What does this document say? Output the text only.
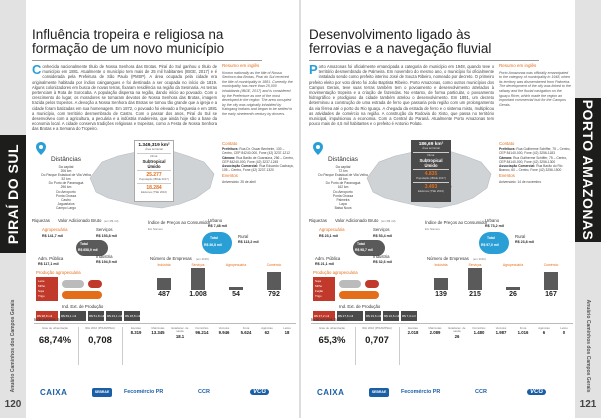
PIRAÍ DO SUL
Anuário Caminhos dos Campos Gerais
120
Influência tropeira e religiosa na
formação de um novo município
Conhecida nacionalmente título de Nossa Senhora das Brotas. Piraí do Sul ganhou o título de município em 1881. Atualmente o município tem mais de 25 mil habitantes (IBGE, 2017) e é considerada pela Prefeitura de São Paulo (PMSP). A área ocupada pela cidade era originalmente habitada por índios caingangues e foi destinada a ser ocupada no início de 1819. Alguns colonizadores em busca de novas terras, fixaram residência na região da Sesmaria. As terras pertenciam à Rota de Sorocaba. A população dispersa na região, dando início ao povoado. Com o crescimento do lugar, os moradores se tornaram devotos de Nossa Senhora das Brotas, imagem trazida pelos tropeiros. A devoção a Nossa Senhora das Brotas se tornou tão grande que a igreja e a cidade foram batizadas em sua homenagem. Em 1872, o povoado foi elevado a freguesia e em 1881 a município, com território desmembrado de Castro. Com o passar dos anos, Piraí do Sul se desenvolveu com a agricultura, a pecuária e a indústria madeireira, que ainda hoje são a base da economia local. A cidade conserva tradições religiosas e tropeiras, como a Festa de Nossa Senhora das Brotas e a Semana do Tropeiro.
Resumo em inglês

Known nationally as the title of Nossa Senhora das Brotas, Piraí do Sul received the title of municipality in 1881. Currently the municipality has more than 25,000 inhabitants (IBGE, 2017) and is considered by the Prefecture as one of the most developed in the region. The area occupied by the city was originally inhabited by Kaingang Indians and began to be settled in the early nineteenth century by drovers.

Distâncias
Da capital
206 km
Do Parque Estadual de Vila Velha
52 km
Do Porto de Paranaguá
296 km
Do Aeroporto
Ponta Grossa
Castro
Jaguariaíva
Campo Largo
1.349,319 km²
Área territorial
Clima:
Subtropical Úmido
25.277
População (IBGE 2017)
18.284
Eleitores (TSE 2016)
Contato

Prefeitura: Rua Dr. Oscar Benheim, 130 – Centro, CEP 84240-000, Fone (42) 3237-1212

Câmara: Rua Barão de Guaraúna, 256 – Centro, CEP 84240-000, Fone (42) 3237-1245

Associação Comercial: Rua Eduardo Cachaça, 105 – Centro, Fone (42) 3237-1320

Eventos

Aniversário: 25 de abril

Riquezas Valor Adicionado Bruto (em R$ mil)
Agropecuária
R$ 141,7 mil
Serviços
R$ 153,8 mil
Total
R$ 658,9 mil
Indústria
R$ 194,5 mil
Adm. Pública
R$ 117,1 mil
Produção agropecuária
Leite
Milho
Soja
Trigo
Ind. Ext. de Produção
R$ 98,8 mil	R$ 69,1 mil	R$ 51,8 mil R$ 23,1 mil R$ 18,8 mil
Índice de Preços ao Consumidor
Em Número
Urbano
R$ 7,48 mil
Total
R$ 36,8 mil
Rural
R$ 113,2 mil
Número de Empresas (em 2016)
Indústria
487
Serviços
1.008
Agropecuária
54
Comércio
792
Indicadores Sociais
Grau de urbanização
68,74%
IDH 2010 (PNUD/IPEA)
0,708
Escolas
8.319
Matrículas
13.345
Estabelec. de saúde
18.1
Domicílios
96.214
Veículos
9.946
Frota
5.624
Agências
62
Leitos
18
CAIXA	SEBRAE	Fecomércio PR	CCR	VCG
PORTO AMAZONAS
Anuário Caminhos dos Campos Gerais
121
Desenvolvimento ligado às
ferrovias e a navegação fluvial
Porto Amazonas foi oficialmente emancipada a categoria de município em 1948, quando teve o território desmembrado de Palmeira. Em novembro do mesmo ano, o município foi oficialmente instalado sendo como prefeito interino José de Souza Ribeiro, nomeado por decreto. O primeiro prefeito eleito por voto direto foi João Baptista Ribeiro. Porto Amazonas, como outros municípios dos Campos Gerais, teve suas terras também tem o povoamento e desenvolvimento atrelados à movimentação tropeira e a criação de fazendas. No entanto, de forma particular, o povoamento hidrográfico e prodigioso da cidade também atrelou o desenvolvimento. Em 1891, um decreto determinou a construção de uma estrada de ferro que passaria pela região com um prolongamento da via férrea até o porto do Rio Iguaçu. A chegada da estrada de ferro e o sistema misto, multiplicou as atividades de comércio na região. A construção da Rodovia do Xisto, que passa no território municipal, impulsionou a economia. Com a Central do Paraná. Atualmente Porto Amazonas tem pouco mais de 4,5 mil habitantes e o prefeito é Antonio Polato.
Resumo em inglês

Porto Amazonas was officially emancipated to the category of municipality in 1948, when its territory was dismembered from Palmeira. The development of the city was linked to the railway and the fluvial navigation on the Iguaçu River, which made the region an important commercial hub for the Campos Gerais.

Distâncias
Da capital
72 km
Do Parque Estadual de Vila Velha
48 km
Do Porto de Paranaguá
162 km
Do Aeroporto
Ponta Grossa
Palmeira
Lapa
Balsa Nova
186,69 km²
Área territorial
Clima:
Subtropical Úmido
4.835
População (IBGE 2017)
3.493
Eleitores (TSE 2016)
Contato

Prefeitura: Rua Guilherme Schiffer, 75 – Centro, CEP 84140-000, Fone (42) 3256-1183

Câmara: Rua Guilherme Schiffer, 75 – Centro, CEP 84140-000, Fone (42) 3256-1300

Associação Comercial: Rua Barão do Rio Branco, 60 – Centro, Fone (42) 3256-1500

Eventos

Aniversário: 14 de novembro

Riquezas Valor Adicionado Bruto (em R$ mil)
Agropecuária
R$ 23,1 mil
Serviços
R$ 53,4 mil
Total
R$ 98,7 mil
Indústria
R$ 32,6 mil
Adm. Pública
R$ 21,1 mil
Produção agropecuária
Soja
Milho
Feijão
Trigo
Ind. Ext. de Produção
R$ 37,2 mil	R$ 27,6 mil	R$ 19,6 mil R$ 10,6 mil R$ 7,3 mil
Índice de Preços ao Consumidor
Em Número
Urbano
R$ 73,2 mil
Total
R$ 97,0 mil
Rural
R$ 23,8 mil
Número de Empresas (em 2016)
Indústria
139
Serviços
215
Agropecuária
26
Comércio
167
Indicadores Sociais
Grau de urbanização
65,3%
IDH 2010 (PNUD/IPEA)
0,707
Escolas
2.018
Matrículas
2.089
Estabelec. de saúde
26
Domicílios
1.480
Veículos
1.987
Frota
1.016
Agências
6
Leitos
0
CAIXA	SEBRAE	Fecomércio PR	CCR	VCG
